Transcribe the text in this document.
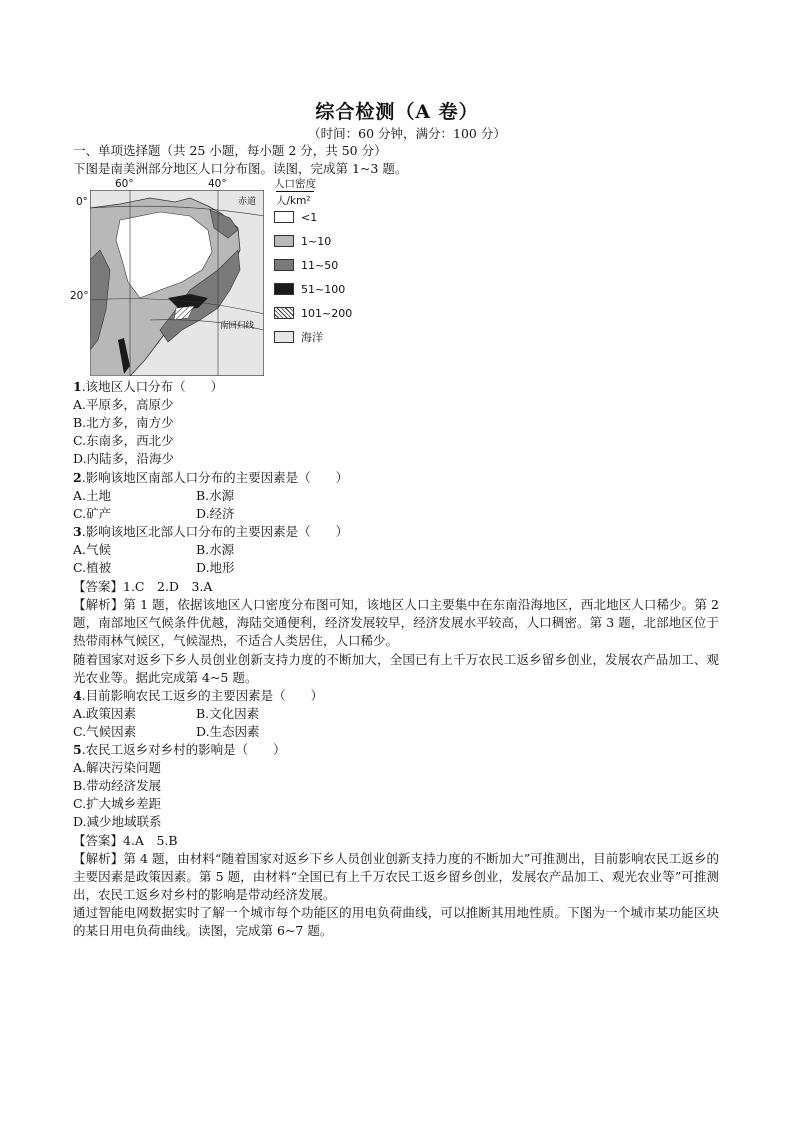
综合检测（A 卷）
（时间：60 分钟，满分：100 分）
一、单项选择题（共 25 小题，每小题 2 分，共 50 分）
下图是南美洲部分地区人口分布图。读图，完成第 1~3 题。
60°	40°
0°
20°
赤道
南回归线
人口密度
人/km²
<1
1~10
11~50
51~100
101~200
海洋
1.该地区人口分布（　　）
A.平原多，高原少
B.北方多，南方少
C.东南多，西北少
D.内陆多，沿海少
2.影响该地区南部人口分布的主要因素是（　　）
A.土地	B.水源
C.矿产	D.经济
3.影响该地区北部人口分布的主要因素是（　　）
A.气候	B.水源
C.植被	D.地形
【答案】1.C　2.D　3.A
【解析】第 1 题，依据该地区人口密度分布图可知，该地区人口主要集中在东南沿海地区，西北地区人口稀少。第 2 题，南部地区气候条件优越，海陆交通便利，经济发展较早，经济发展水平较高，人口稠密。第 3 题，北部地区位于热带雨林气候区，气候湿热，不适合人类居住，人口稀少。
随着国家对返乡下乡人员创业创新支持力度的不断加大，全国已有上千万农民工返乡留乡创业，发展农产品加工、观光农业等。据此完成第 4~5 题。
4.目前影响农民工返乡的主要因素是（　　）
A.政策因素	B.文化因素
C.气候因素	D.生态因素
5.农民工返乡对乡村的影响是（　　）
A.解决污染问题
B.带动经济发展
C.扩大城乡差距
D.减少地域联系
【答案】4.A　5.B
【解析】第 4 题，由材料“随着国家对返乡下乡人员创业创新支持力度的不断加大”可推测出，目前影响农民工返乡的主要因素是政策因素。第 5 题，由材料“全国已有上千万农民工返乡留乡创业，发展农产品加工、观光农业等”可推测出，农民工返乡对乡村的影响是带动经济发展。
通过智能电网数据实时了解一个城市每个功能区的用电负荷曲线，可以推断其用地性质。下图为一个城市某功能区块的某日用电负荷曲线。读图，完成第 6~7 题。
